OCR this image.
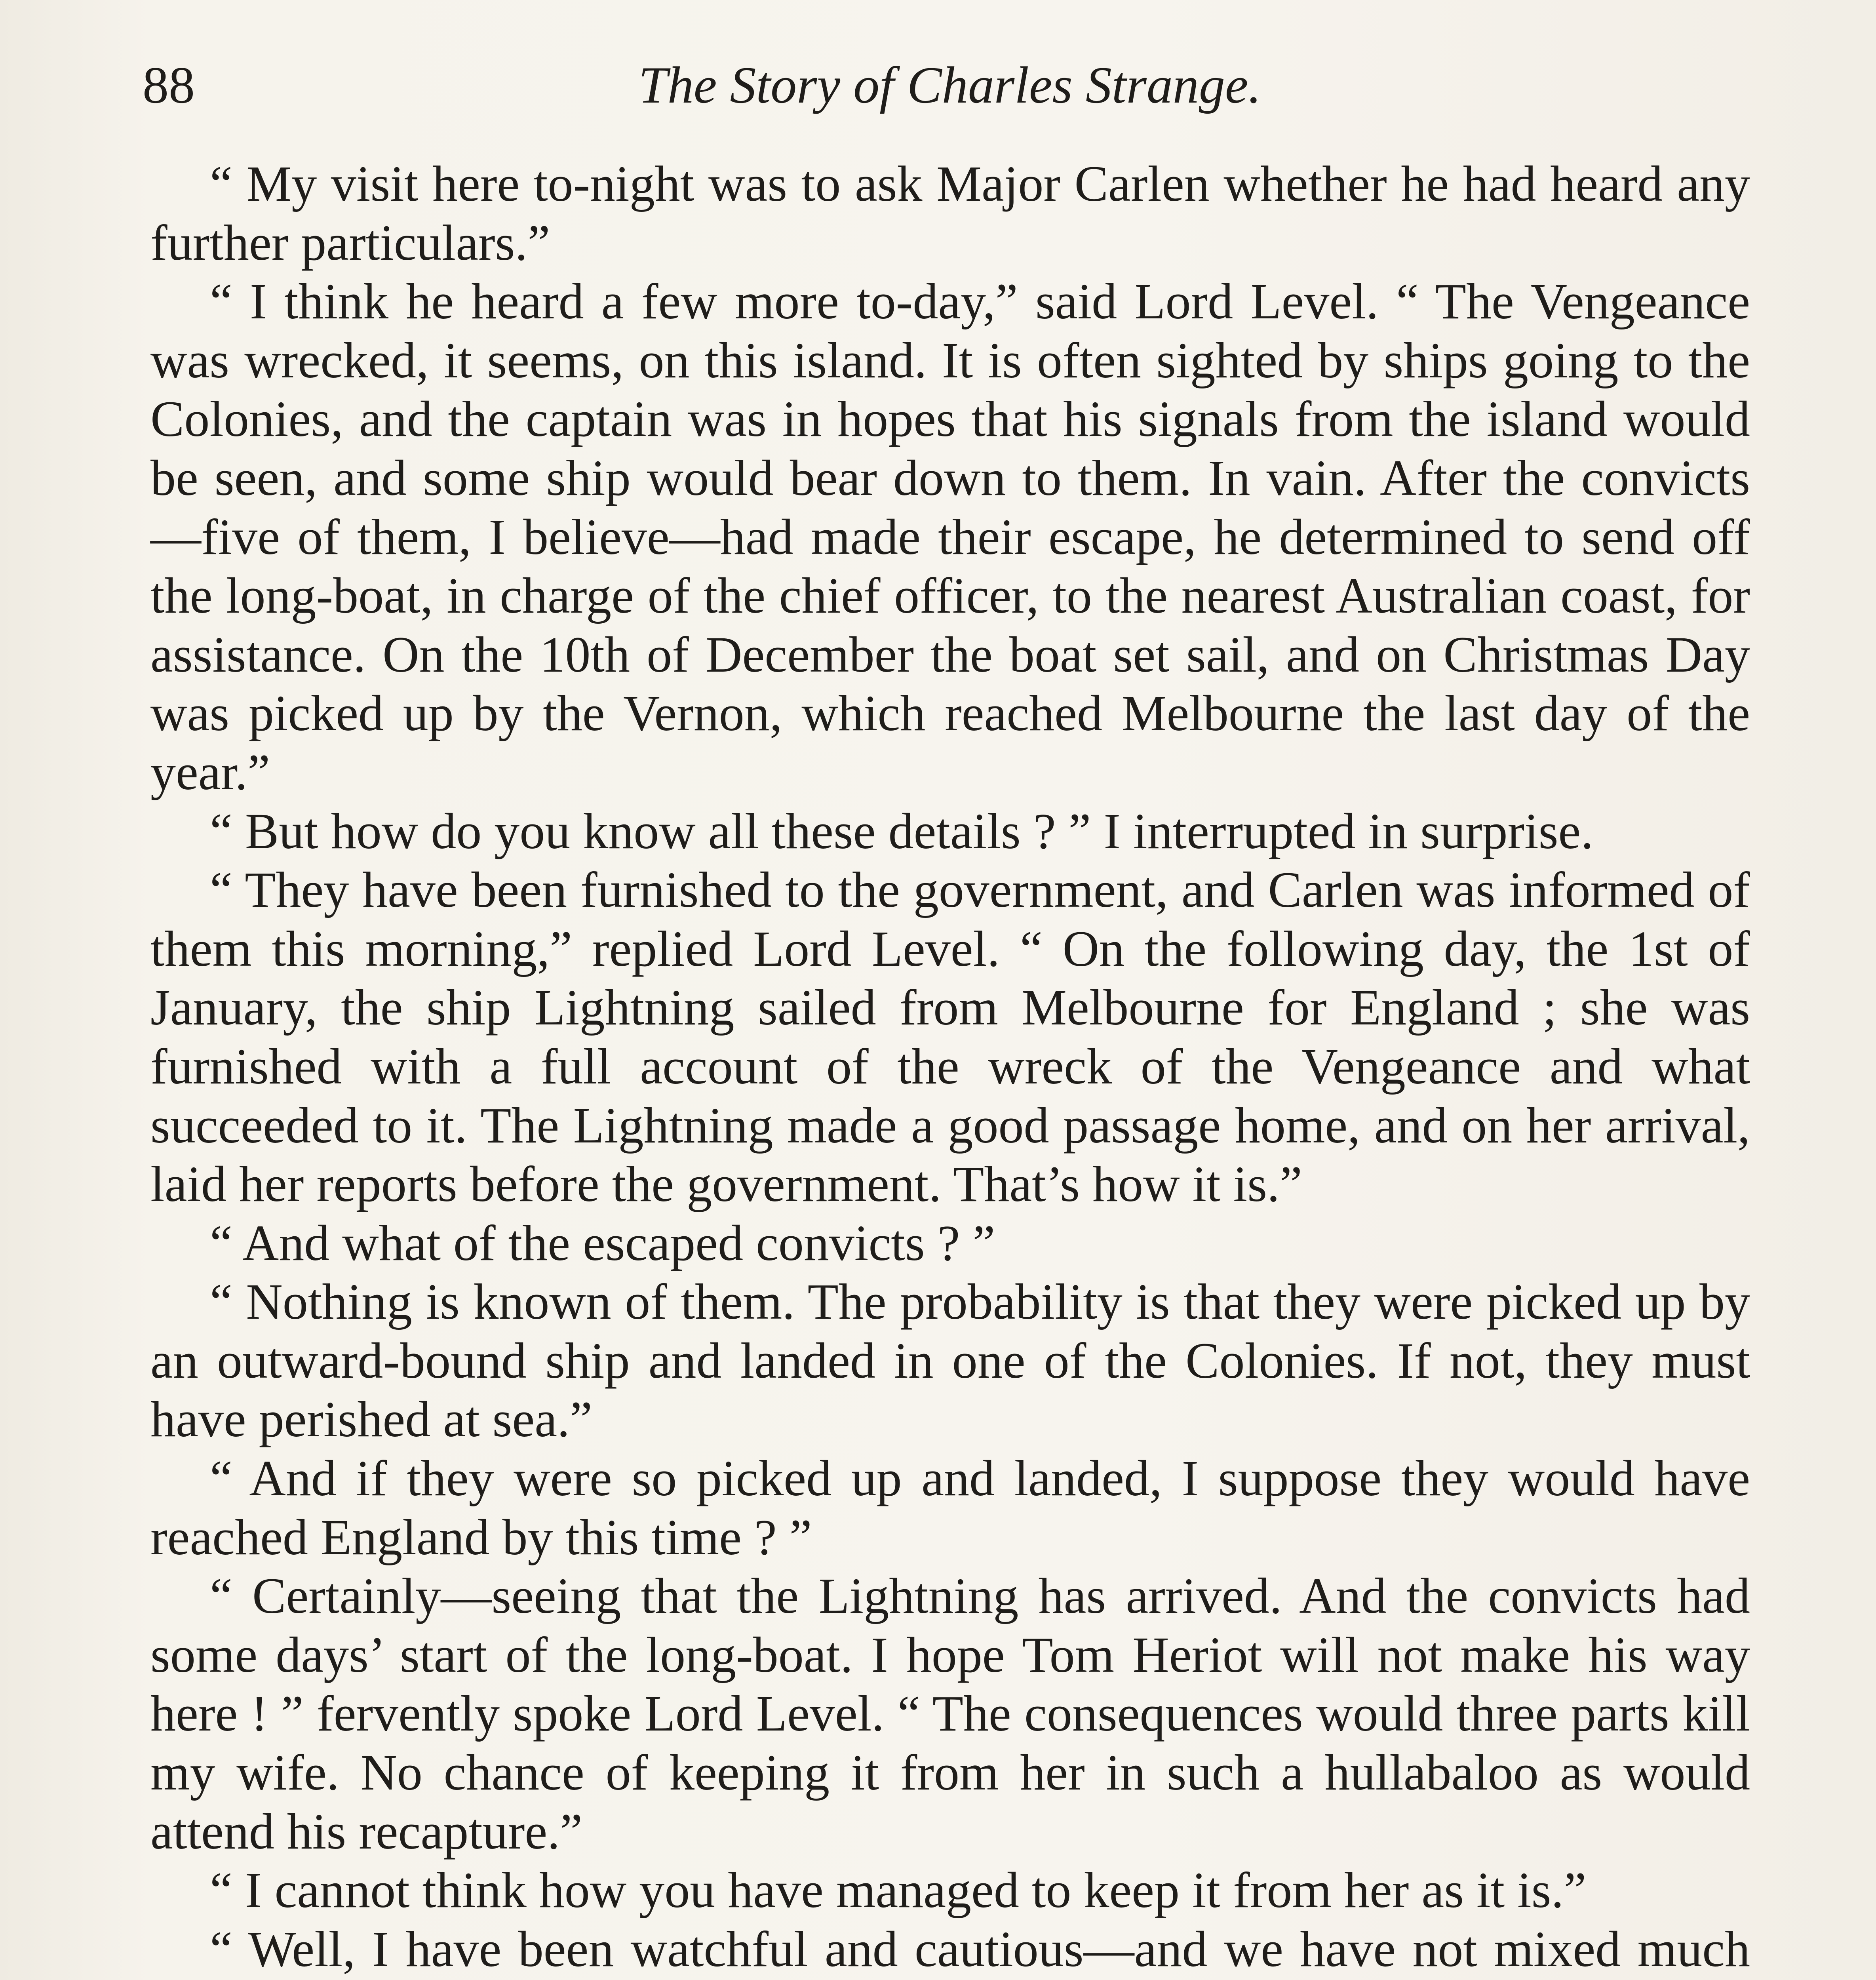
88	The Story of Charles Strange.

“ My visit here to-night was to ask Major Carlen whether he had heard any further particulars.”

“ I think he heard a few more to-day,” said Lord Level. “ The Vengeance was wrecked, it seems, on this island. It is often sighted by ships going to the Colonies, and the captain was in hopes that his signals from the island would be seen, and some ship would bear down to them. In vain. After the convicts—five of them, I believe—had made their escape, he determined to send off the long-boat, in charge of the chief officer, to the nearest Australian coast, for assistance. On the 10th of December the boat set sail, and on Christmas Day was picked up by the Vernon, which reached Melbourne the last day of the year.”

“ But how do you know all these details ? ” I interrupted in surprise.

“ They have been furnished to the government, and Carlen was informed of them this morning,” replied Lord Level. “ On the following day, the 1st of January, the ship Lightning sailed from Melbourne for England ; she was furnished with a full account of the wreck of the Vengeance and what succeeded to it. The Lightning made a good passage home, and on her arrival, laid her reports before the government. That’s how it is.”

“ And what of the escaped convicts ? ”

“ Nothing is known of them. The probability is that they were picked up by an outward-bound ship and landed in one of the Colonies. If not, they must have perished at sea.”

“ And if they were so picked up and landed, I suppose they would have reached England by this time ? ”

“ Certainly—seeing that the Lightning has arrived. And the convicts had some days’ start of the long-boat. I hope Tom Heriot will not make his way here ! ” fervently spoke Lord Level. “ The consequences would three parts kill my wife. No chance of keeping it from her in such a hullabaloo as would attend his recapture.”

“ I cannot think how you have managed to keep it from her as it is.”

“ Well, I have been watchful and cautious—and we have not mixed much
